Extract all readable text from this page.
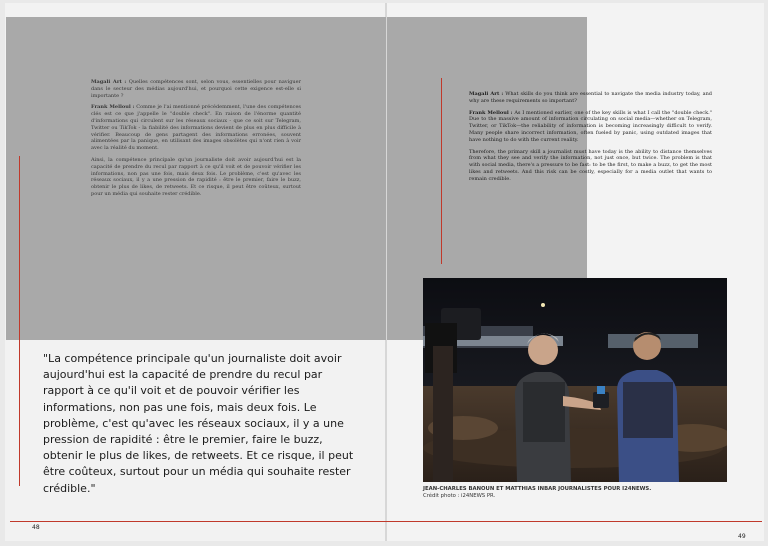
Magali Art : Quelles compétences sont, selon vous, essentielles pour naviguer dans le secteur des médias aujourd'hui, et pourquoi cette exigence est-elle si importante ?

Frank Melloul : Comme je l'ai mentionné précédemment, l'une des compétences clés est ce que j'appelle le "double check". En raison de l'énorme quantité d'informations qui circulent sur les réseaux sociaux - que ce soit sur Telegram, Twitter ou TikTok - la fiabilité des informations devient de plus en plus difficile à vérifier. Beaucoup de gens partagent des informations erronées, souvent alimentées par la panique, en utilisant des images obsolètes qui n'ont rien à voir avec la réalité du moment.

Ainsi, la compétence principale qu'un journaliste doit avoir aujourd'hui est la capacité de prendre du recul par rapport à ce qu'il voit et de pouvoir vérifier les informations, non pas une fois, mais deux fois. Le problème, c'est qu'avec les réseaux sociaux, il y a une pression de rapidité : être le premier, faire le buzz, obtenir le plus de likes, de retweets. Et ce risque, il peut être coûteux, surtout pour un média qui souhaite rester crédible.

Magali Art : What skills do you think are essential to navigate the media industry today, and why are these requirements so important?

Frank Melloul : As I mentioned earlier, one of the key skills is what I call the "double check." Due to the massive amount of information circulating on social media—whether on Telegram, Twitter, or TikTok—the reliability of information is becoming increasingly difficult to verify. Many people share incorrect information, often fueled by panic, using outdated images that have nothing to do with the current reality.

Therefore, the primary skill a journalist must have today is the ability to distance themselves from what they see and verify the information, not just once, but twice. The problem is that with social media, there's a pressure to be fast: to be the first, to make a buzz, to get the most likes and retweets. And this risk can be costly, especially for a media outlet that wants to remain credible.

"La compétence principale qu'un journaliste doit avoir aujourd'hui est la capacité de prendre du recul par rapport à ce qu'il voit et de pouvoir vérifier les informations, non pas une fois, mais deux fois. Le problème, c'est qu'avec les réseaux sociaux, il y a une pression de rapidité : être le premier, faire le buzz, obtenir le plus de likes, de retweets. Et ce risque, il peut être coûteux, surtout pour un média qui souhaite rester crédible."	JEAN-CHARLES BANOUN ET MATTHIAS INBAR JOURNALISTES POUR I24NEWS.
Crédit photo : i24NEWS PR.
48
49
